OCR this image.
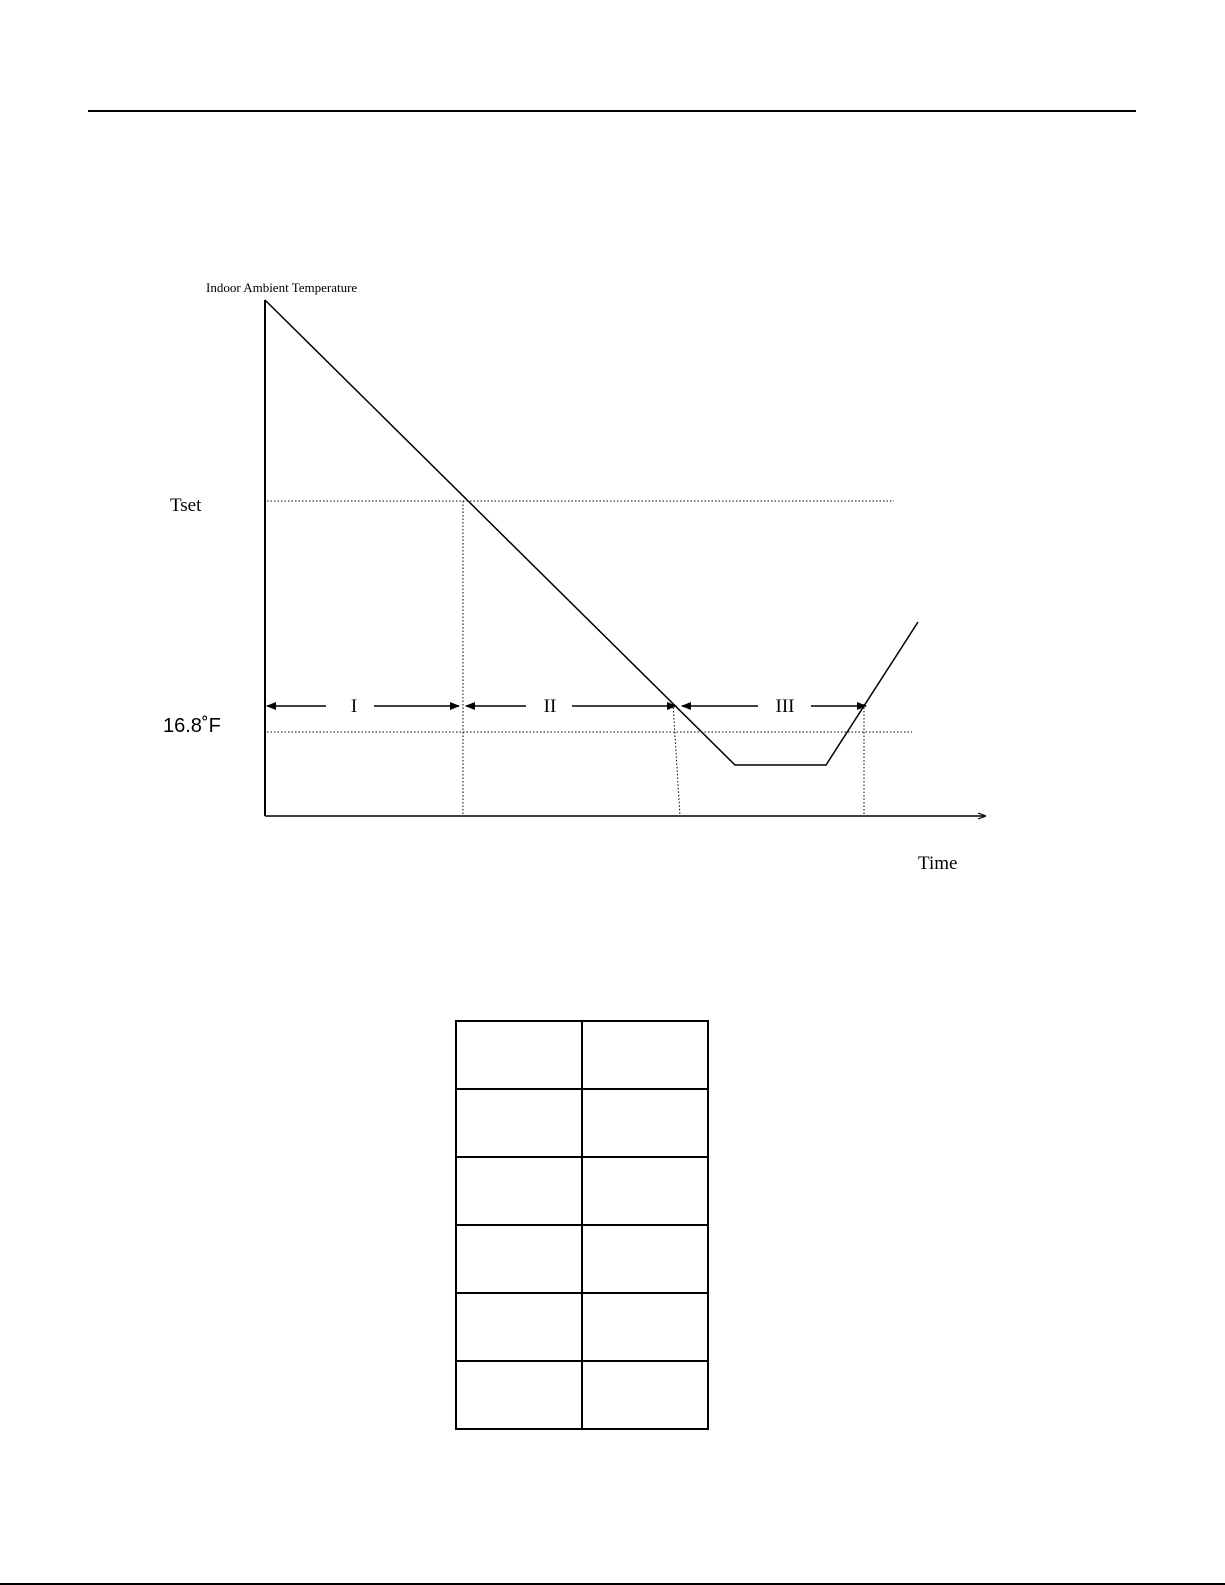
Indoor Ambient Temperature
Time
Tset
16.8˚F
I	II	III
